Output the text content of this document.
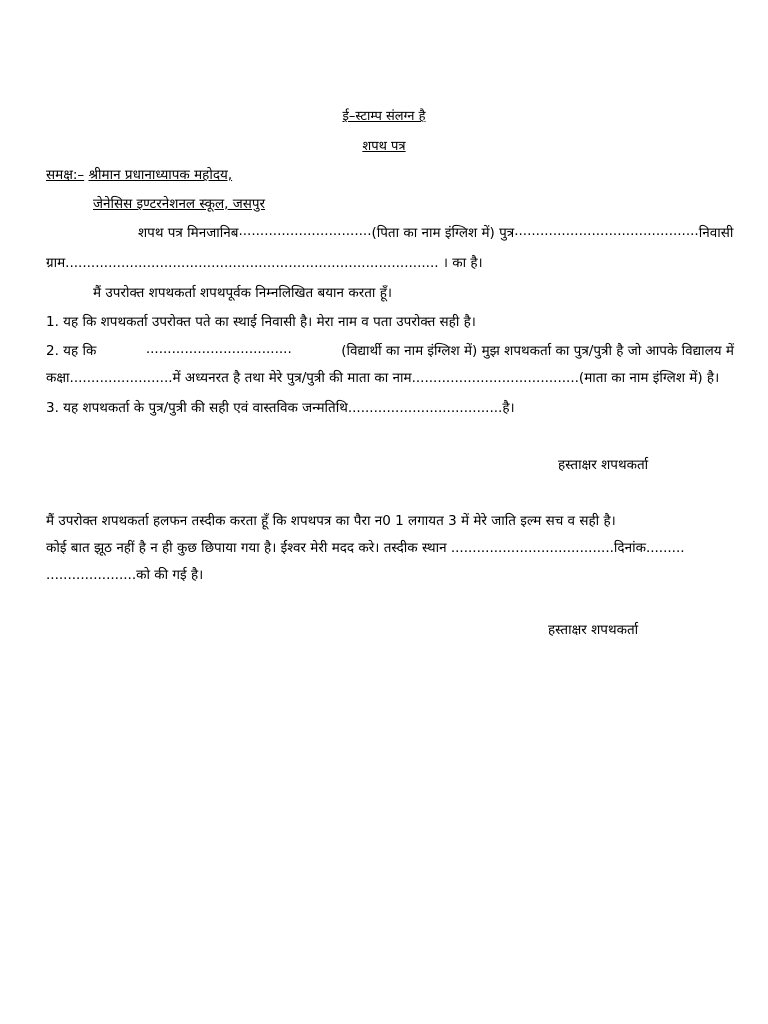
ई–स्टाम्प संलग्न है
शपथ पत्र
समक्ष:– श्रीमान प्रधानाध्यापक महोदय,
जेनेसिस इण्टरनेशनल स्कूल, जसपुर
शपथ पत्र मिनजानिब ............................... (पिता का नाम इंग्लिश में) पुत्र ........................................... निवासी
ग्राम....................................................................................... । का है।
मैं उपरोक्त शपथकर्ता शपथपूर्वक निम्नलिखित बयान करता हूँ।
1. यह कि शपथकर्ता उपरोक्त पते का स्थाई निवासी है। मेरा नाम व पता उपरोक्त सही है।
2. यह कि	..................................	(विद्यार्थी का नाम इंग्लिश में) मुझ शपथकर्ता का पुत्र/पुत्री है जो आपके विद्यालय में
कक्षा........................में अध्यनरत है तथा मेरे पुत्र/पुत्री की माता का नाम.......................................(माता का नाम इंग्लिश में) है।
3. यह शपथकर्ता के पुत्र/पुत्री की सही एवं वास्तविक जन्मतिथि....................................है।
हस्ताक्षर शपथकर्ता
मैं उपरोक्त शपथकर्ता हलफन तस्दीक करता हूँ कि शपथपत्र का पैरा न0 1 लगायत 3 में मेरे जाति इल्म सच व सही है।
कोई बात झूठ नहीं है न ही कुछ छिपाया गया है। ईश्वर मेरी मदद करे। तस्दीक स्थान ......................................दिनांक.........
.....................को की गई है।
हस्ताक्षर शपथकर्ता
